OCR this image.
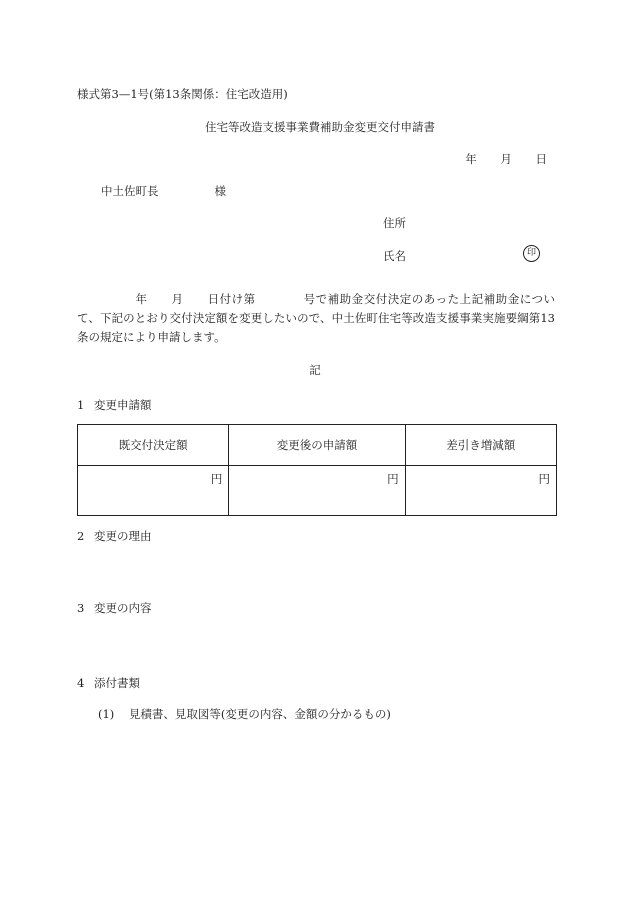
様式第3—1号(第13条関係：住宅改造用)
住宅等改造支援事業費補助金変更交付申請書
年 月 日
中土佐町長	様
住所
氏名	印
年　　月　　日付け第　　　　号で補助金交付決定のあった上記補助金について、下記のとおり交付決定額を変更したいので、中土佐町住宅等改造支援事業実施要綱第13条の規定により申請します。
記
1 変更申請額
既交付決定額	変更後の申請額	差引き増減額
円	円	円
2 変更の理由
3 変更の内容
4 添付書類
(1) 見積書、見取図等(変更の内容、金額の分かるもの)
